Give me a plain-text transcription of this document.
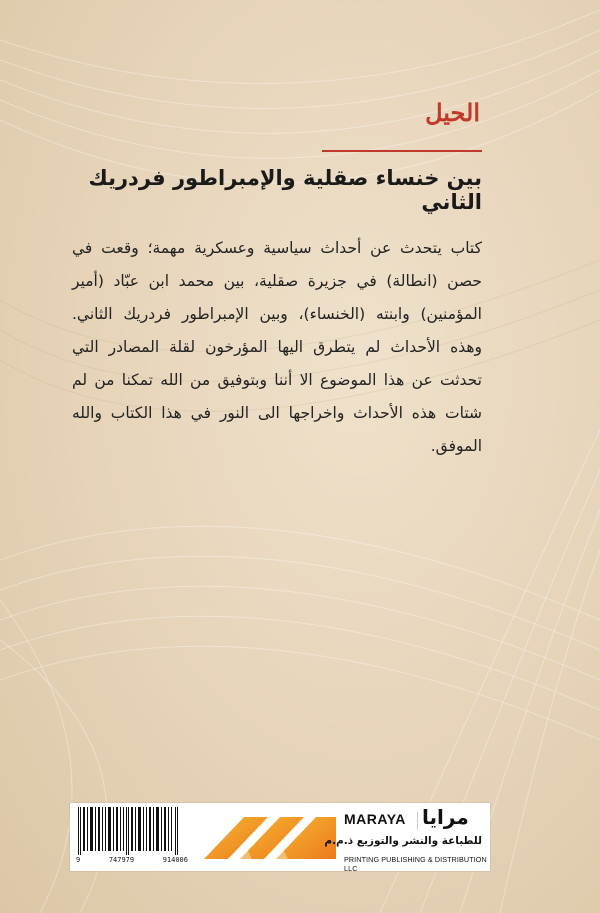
الحيل
بين خنساء صقلية والإمبراطور فردريك الثاني
كتاب يتحدث عن أحداث سياسية وعسكرية مهمة؛ وقعت في حصن (انطالة) في جزيرة صقلية، بين محمد ابن عبّاد (أمير المؤمنين) وابنته (الخنساء)، وبين الإمبراطور فردريك الثاني. وهذه الأحداث لم يتطرق اليها المؤرخون لقلة المصادر التي تحدثت عن هذا الموضوع الا أننا وبتوفيق من الله تمكنا من لم شتات هذه الأحداث واخراجها الى النور في هذا الكتاب والله الموفق.
9	747979	914006
MARAYA مرايا
للطباعة والنشر والتوزيع ذ.م.م
PRINTING PUBLISHING & DISTRIBUTION LLC
